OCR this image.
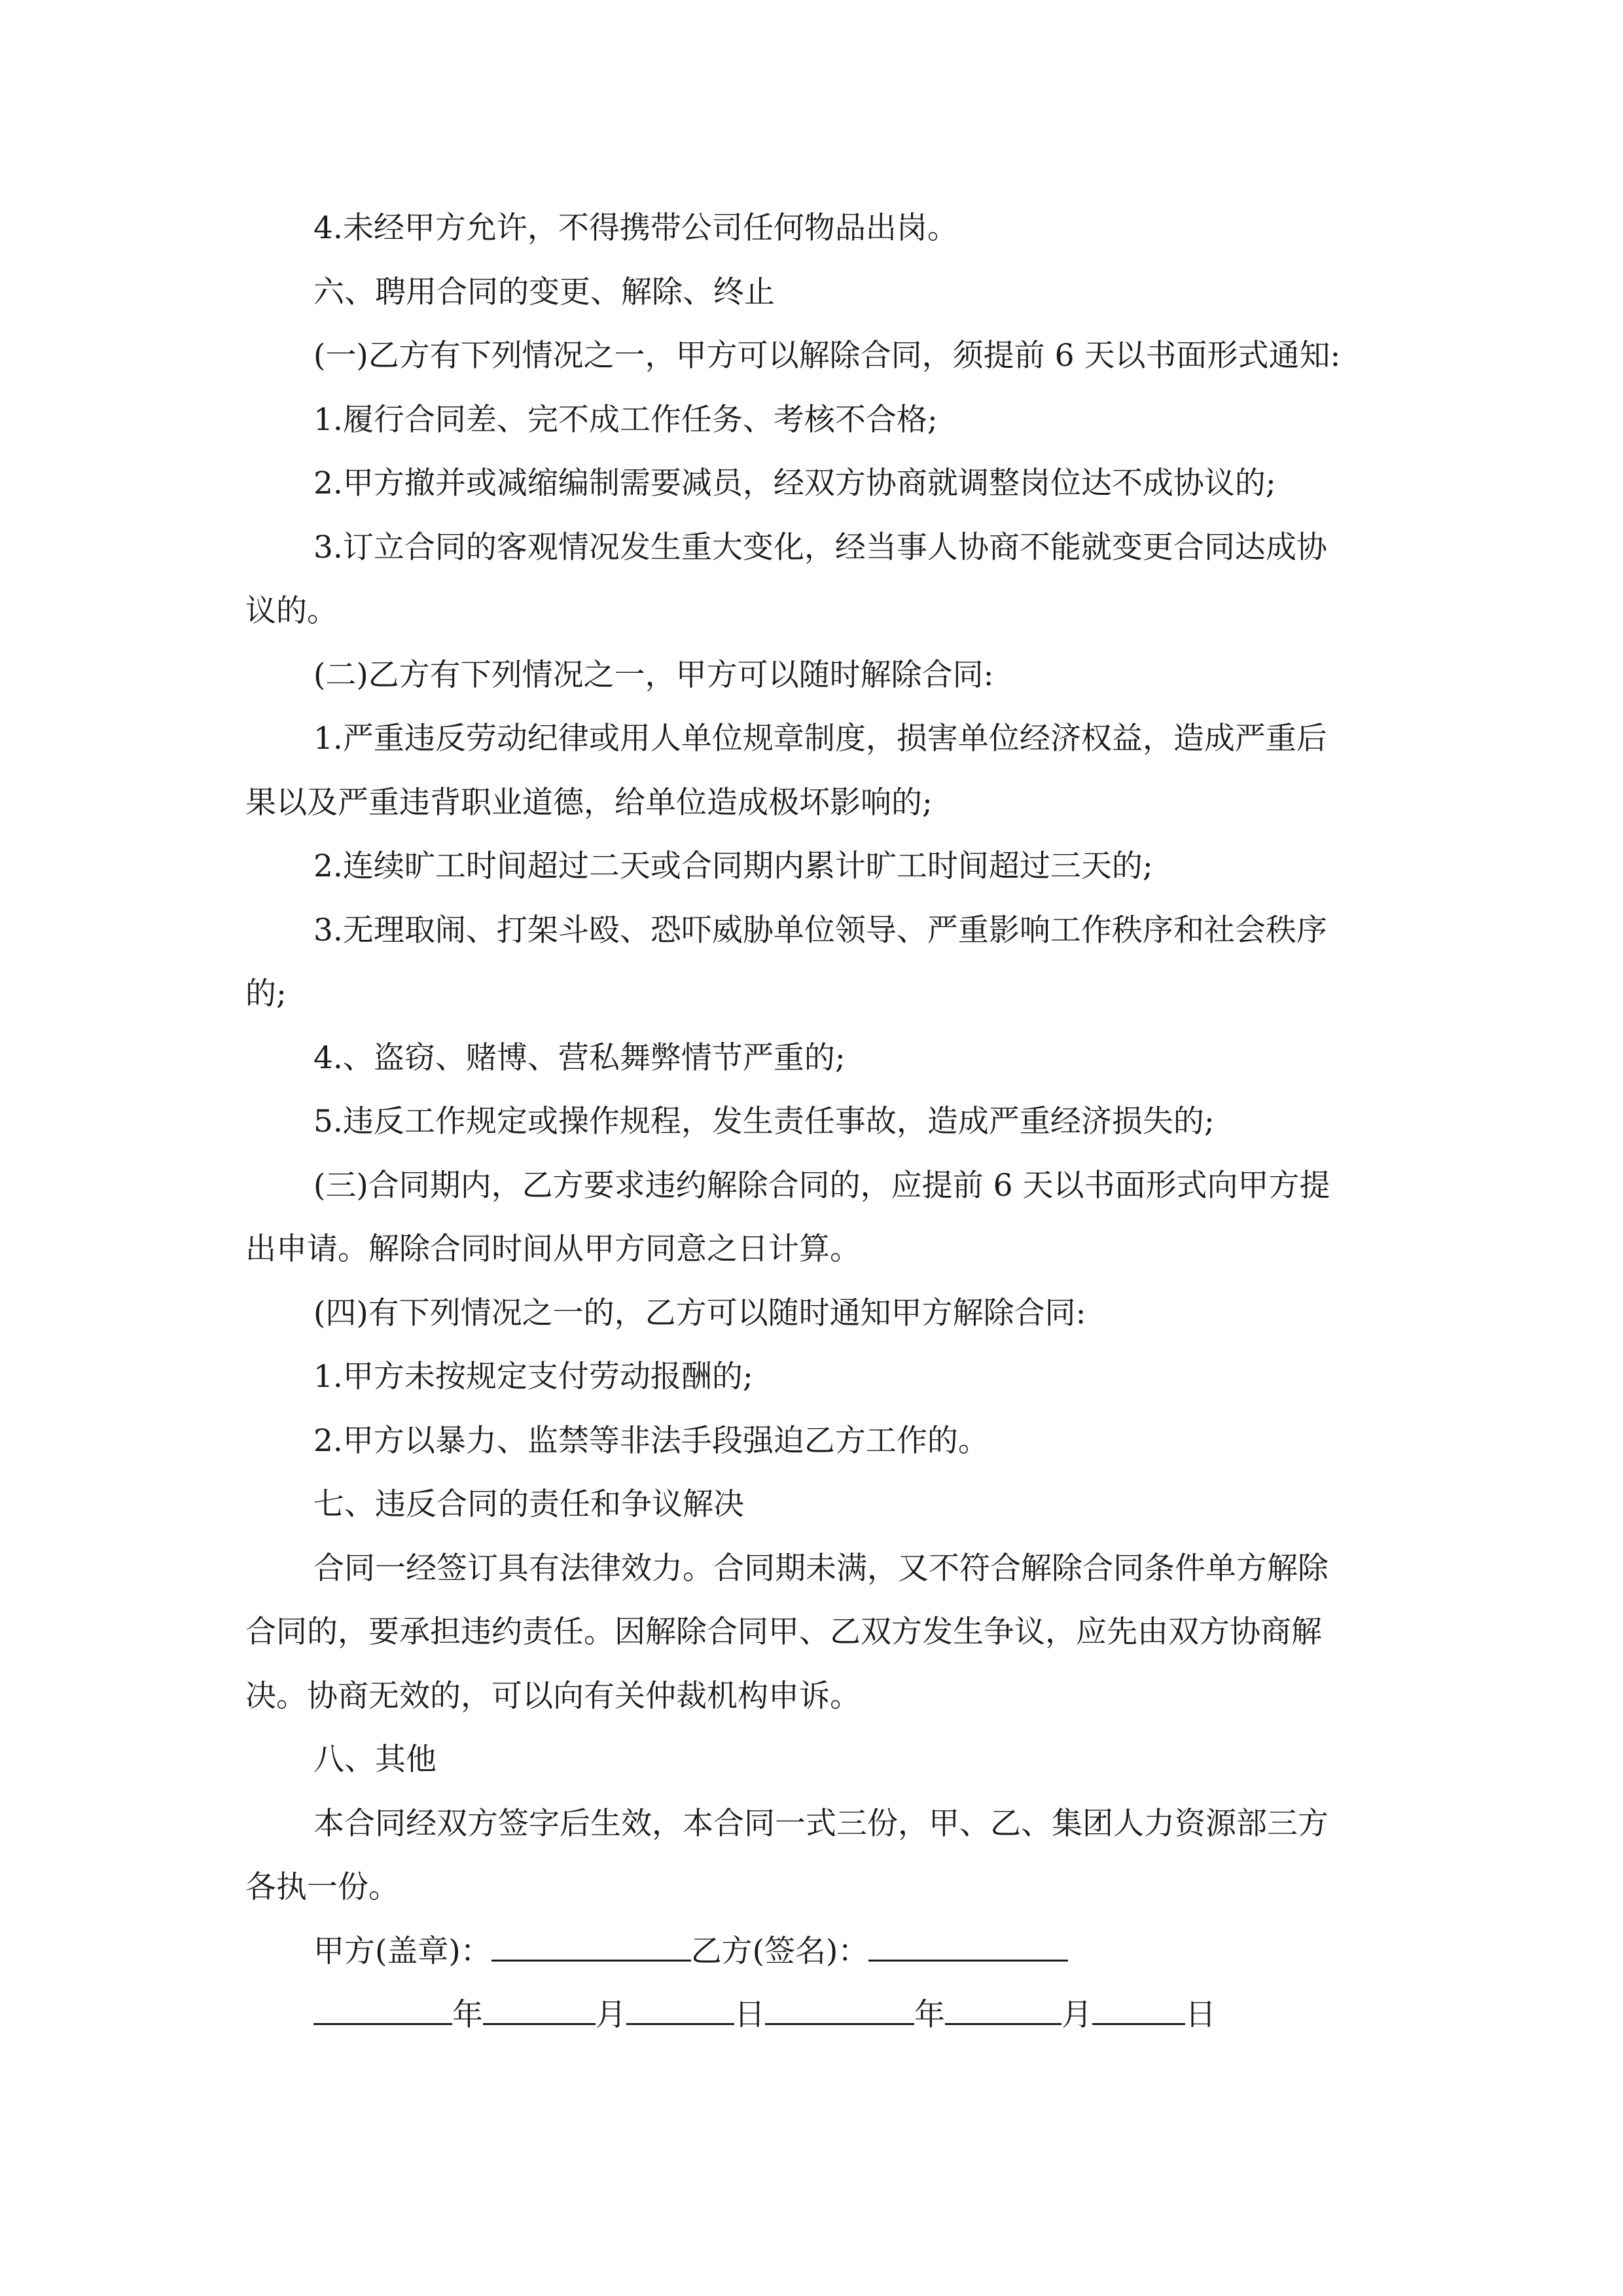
4.未经甲方允许，不得携带公司任何物品出岗。
六、聘用合同的变更、解除、终止
(一)乙方有下列情况之一，甲方可以解除合同，须提前 6 天以书面形式通知:
1.履行合同差、完不成工作任务、考核不合格;
2.甲方撤并或减缩编制需要减员，经双方协商就调整岗位达不成协议的;
3.订立合同的客观情况发生重大变化，经当事人协商不能就变更合同达成协
议的。
(二)乙方有下列情况之一，甲方可以随时解除合同:
1.严重违反劳动纪律或用人单位规章制度，损害单位经济权益，造成严重后
果以及严重违背职业道德，给单位造成极坏影响的;
2.连续旷工时间超过二天或合同期内累计旷工时间超过三天的;
3.无理取闹、打架斗殴、恐吓威胁单位领导、严重影响工作秩序和社会秩序
的;
4.、盗窃、赌博、营私舞弊情节严重的;
5.违反工作规定或操作规程，发生责任事故，造成严重经济损失的;
(三)合同期内，乙方要求违约解除合同的，应提前 6 天以书面形式向甲方提
出申请。解除合同时间从甲方同意之日计算。
(四)有下列情况之一的，乙方可以随时通知甲方解除合同:
1.甲方未按规定支付劳动报酬的;
2.甲方以暴力、监禁等非法手段强迫乙方工作的。
七、违反合同的责任和争议解决
合同一经签订具有法律效力。合同期未满，又不符合解除合同条件单方解除
合同的，要承担违约责任。因解除合同甲、乙双方发生争议，应先由双方协商解
决。协商无效的，可以向有关仲裁机构申诉。
八、其他
本合同经双方签字后生效，本合同一式三份，甲、乙、集团人力资源部三方
各执一份。
甲方(盖章)：	乙方(签名)：
年	月	日	年	月	日
